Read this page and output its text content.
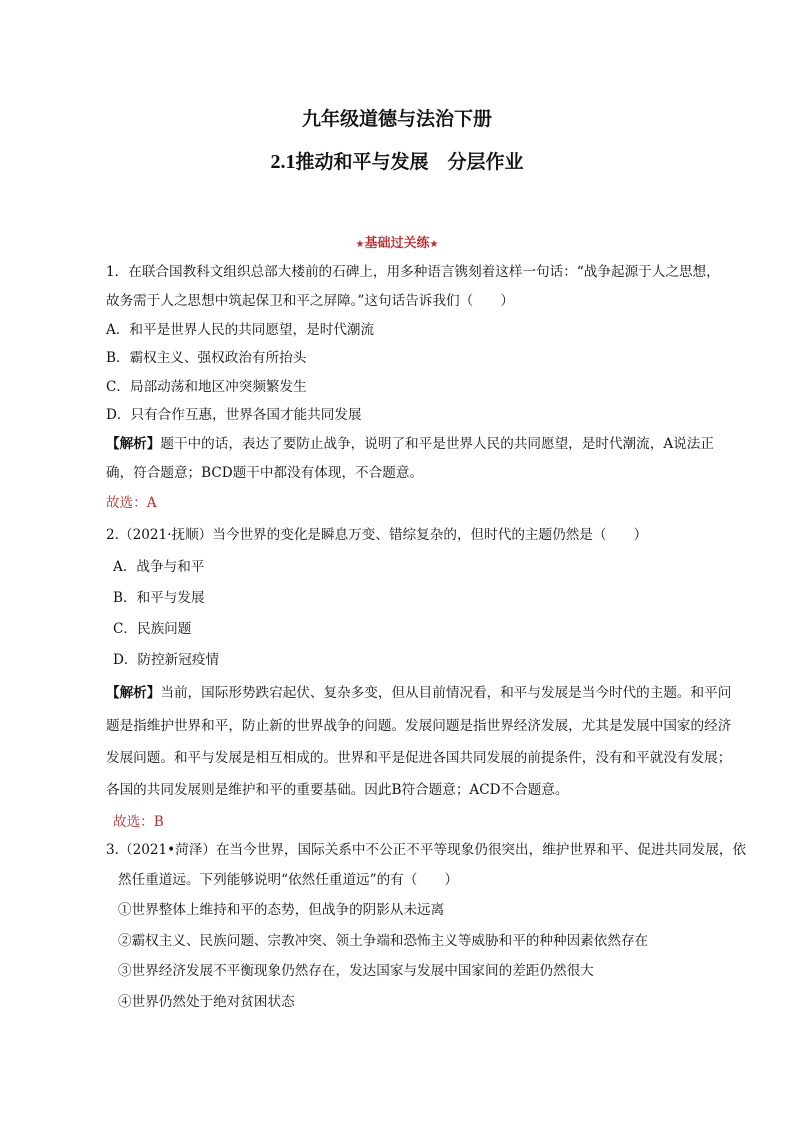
九年级道德与法治下册
2.1推动和平与发展　分层作业
★基础过关练★
1．在联合国教科文组织总部大楼前的石碑上，用多种语言镌刻着这样一句话：“战争起源于人之思想，
故务需于人之思想中筑起保卫和平之屏障。”这句话告诉我们（　　）
A．和平是世界人民的共同愿望，是时代潮流
B．霸权主义、强权政治有所抬头
C．局部动荡和地区冲突频繁发生
D．只有合作互惠，世界各国才能共同发展
【解析】题干中的话，表达了要防止战争，说明了和平是世界人民的共同愿望，是时代潮流，A说法正
确，符合题意；BCD题干中都没有体现，不合题意。
故选：A
2.（2021·抚顺）当今世界的变化是瞬息万变、错综复杂的，但时代的主题仍然是（　　）
A．战争与和平
B．和平与发展
C．民族问题
D．防控新冠疫情
【解析】当前，国际形势跌宕起伏、复杂多变，但从目前情况看，和平与发展是当今时代的主题。和平问
题是指维护世界和平，防止新的世界战争的问题。发展问题是指世界经济发展，尤其是发展中国家的经济
发展问题。和平与发展是相互相成的。世界和平是促进各国共同发展的前提条件，没有和平就没有发展；
各国的共同发展则是维护和平的重要基础。因此B符合题意；ACD不合题意。
故选：B
3.（2021•菏泽）在当今世界，国际关系中不公正不平等现象仍很突出，维护世界和平、促进共同发展，依
然任重道远。下列能够说明“依然任重道远”的有（　　）
①世界整体上维持和平的态势，但战争的阴影从未远离
②霸权主义、民族问题、宗教冲突、领土争端和恐怖主义等威胁和平的种种因素依然存在
③世界经济发展不平衡现象仍然存在，发达国家与发展中国家间的差距仍然很大
④世界仍然处于绝对贫困状态
